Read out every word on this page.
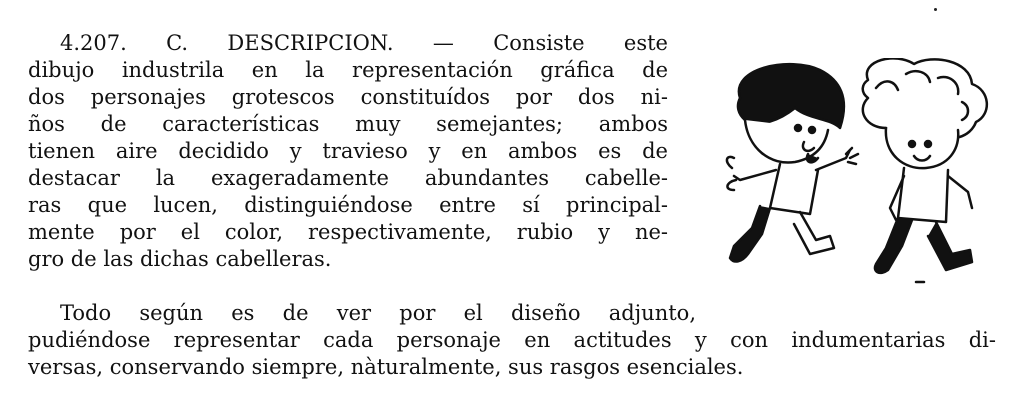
4.207. C. DESCRIPCION. — Consiste este
dibujo industrila en la representación gráfica de
dos personajes grotescos constituídos por dos ni-
ños de características muy semejantes; ambos
tienen aire decidido y travieso y en ambos es de
destacar la exageradamente abundantes cabelle-
ras que lucen, distinguiéndose entre sí principal-
mente por el color, respectivamente, rubio y ne-
gro de las dichas cabelleras.
Todo según es de ver por el diseño adjunto,
pudiéndose representar cada personaje en actitudes y con indumentarias di-
versas, conservando siempre, nàturalmente, sus rasgos esenciales.
